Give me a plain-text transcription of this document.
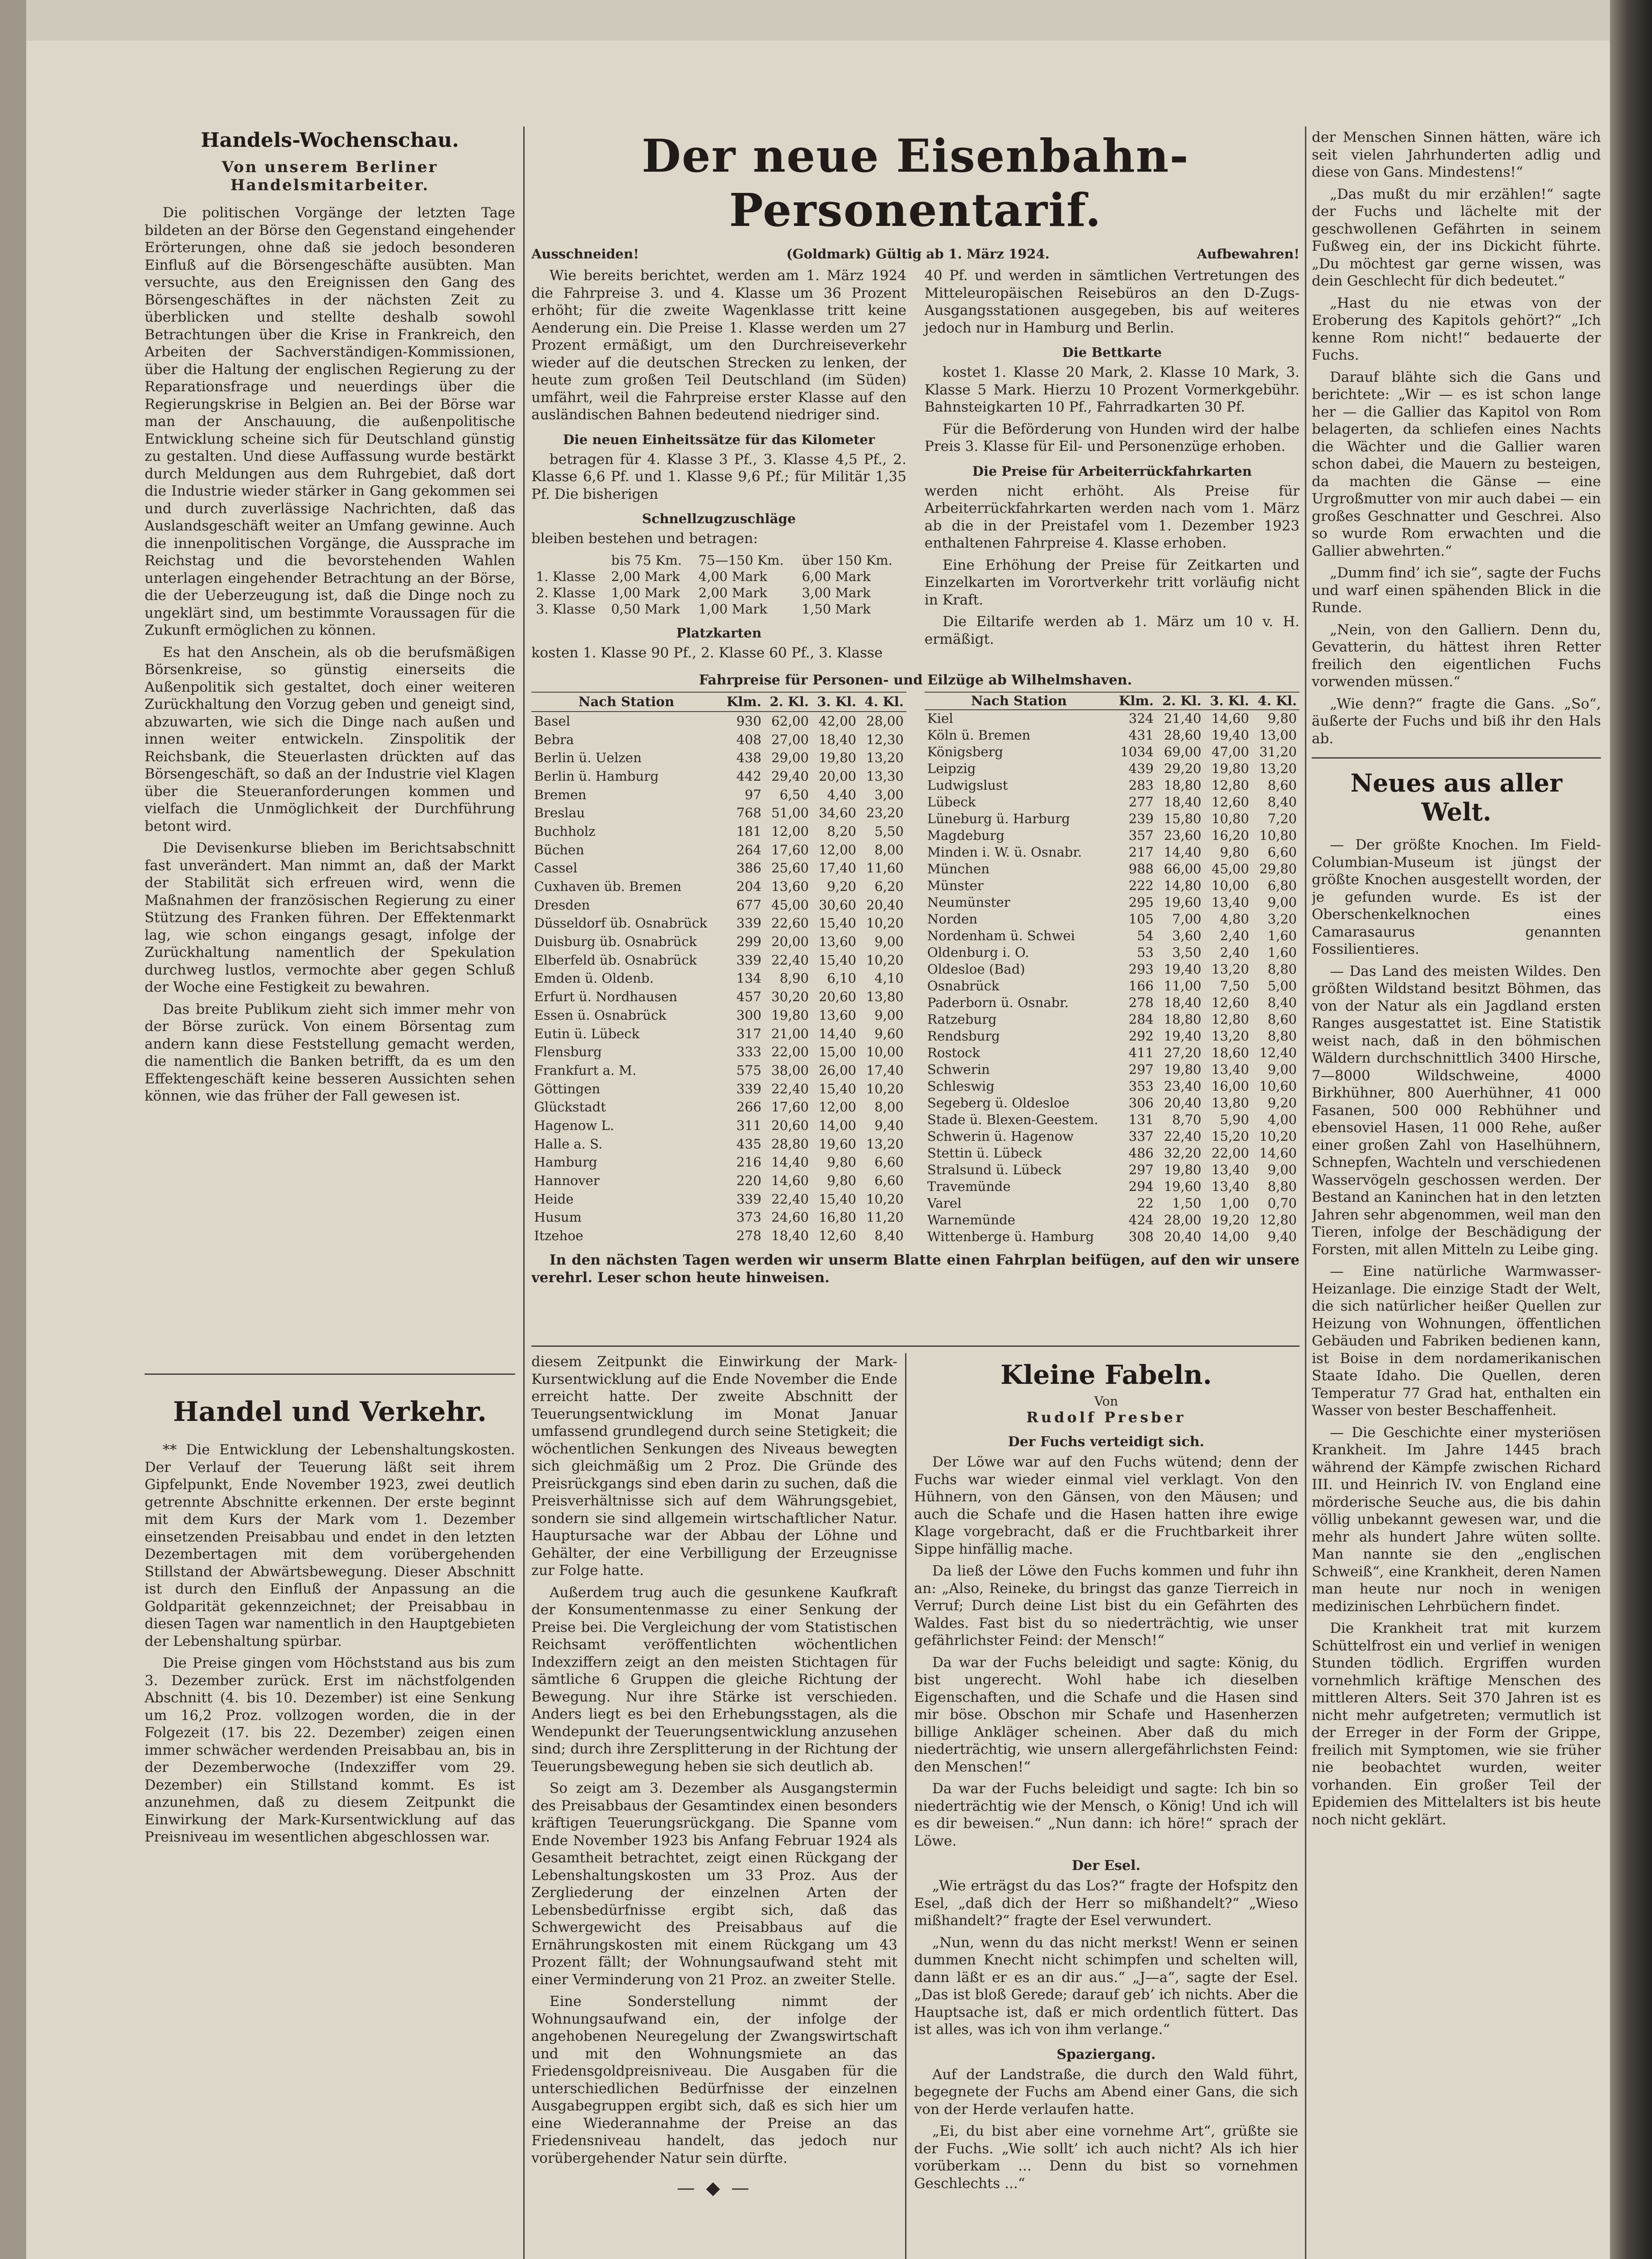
Handels-Wochenschau.
Von unserem Berliner Handelsmitarbeiter.

Die politischen Vorgänge der letzten Tage bildeten an der Börse den Gegenstand eingehender Erörterungen, ohne daß sie jedoch besonderen Einfluß auf die Börsengeschäfte ausübten. Man versuchte, aus den Ereignissen den Gang des Börsengeschäftes in der nächsten Zeit zu überblicken und stellte deshalb sowohl Betrachtungen über die Krise in Frankreich, den Arbeiten der Sachverständigen-Kommissionen, über die Haltung der englischen Regierung zu der Reparationsfrage und neuerdings über die Regierungskrise in Belgien an. Bei der Börse war man der Anschauung, die außenpolitische Entwicklung scheine sich für Deutschland günstig zu gestalten. Und diese Auffassung wurde bestärkt durch Meldungen aus dem Ruhrgebiet, daß dort die Industrie wieder stärker in Gang gekommen sei und durch zuverlässige Nachrichten, daß das Auslandsgeschäft weiter an Umfang gewinne. Auch die innenpolitischen Vorgänge, die Aussprache im Reichstag und die bevorstehenden Wahlen unterlagen eingehender Betrachtung an der Börse, die der Ueberzeugung ist, daß die Dinge noch zu ungeklärt sind, um bestimmte Voraussagen für die Zukunft ermöglichen zu können.

Es hat den Anschein, als ob die berufsmäßigen Börsenkreise, so günstig einerseits die Außenpolitik sich gestaltet, doch einer weiteren Zurückhaltung den Vorzug geben und geneigt sind, abzuwarten, wie sich die Dinge nach außen und innen weiter entwickeln. Zinspolitik der Reichsbank, die Steuerlasten drückten auf das Börsengeschäft, so daß an der Industrie viel Klagen über die Steueranforderungen kommen und vielfach die Unmöglichkeit der Durchführung betont wird.

Die Devisenkurse blieben im Berichtsabschnitt fast unverändert. Man nimmt an, daß der Markt der Stabilität sich erfreuen wird, wenn die Maßnahmen der französischen Regierung zu einer Stützung des Franken führen. Der Effektenmarkt lag, wie schon eingangs gesagt, infolge der Zurückhaltung namentlich der Spekulation durchweg lustlos, vermochte aber gegen Schluß der Woche eine Festigkeit zu bewahren.

Das breite Publikum zieht sich immer mehr von der Börse zurück. Von einem Börsentag zum andern kann diese Feststellung gemacht werden, die namentlich die Banken betrifft, da es um den Effektengeschäft keine besseren Aussichten sehen können, wie das früher der Fall gewesen ist.

Handel und Verkehr.

** Die Entwicklung der Lebenshaltungskosten. Der Verlauf der Teuerung läßt seit ihrem Gipfelpunkt, Ende November 1923, zwei deutlich getrennte Abschnitte erkennen. Der erste beginnt mit dem Kurs der Mark vom 1. Dezember einsetzenden Preisabbau und endet in den letzten Dezembertagen mit dem vorübergehenden Stillstand der Abwärtsbewegung. Dieser Abschnitt ist durch den Einfluß der Anpassung an die Goldparität gekennzeichnet; der Preisabbau in diesen Tagen war namentlich in den Hauptgebieten der Lebenshaltung spürbar.

Die Preise gingen vom Höchststand aus bis zum 3. Dezember zurück. Erst im nächstfolgenden Abschnitt (4. bis 10. Dezember) ist eine Senkung um 16,2 Proz. vollzogen worden, die in der Folgezeit (17. bis 22. Dezember) zeigen einen immer schwächer werdenden Preisabbau an, bis in der Dezemberwoche (Indexziffer vom 29. Dezember) ein Stillstand kommt. Es ist anzunehmen, daß zu diesem Zeitpunkt die Einwirkung der Mark-Kursentwicklung auf das Preisniveau im wesentlichen abgeschlossen war.

Der neue Eisenbahn-Personentarif.
Ausschneiden!	(Goldmark) Gültig ab 1. März 1924.	Aufbewahren!

Wie bereits berichtet, werden am 1. März 1924 die Fahrpreise 3. und 4. Klasse um 36 Prozent erhöht; für die zweite Wagenklasse tritt keine Aenderung ein. Die Preise 1. Klasse werden um 27 Prozent ermäßigt, um den Durchreiseverkehr wieder auf die deutschen Strecken zu lenken, der heute zum großen Teil Deutschland (im Süden) umfährt, weil die Fahrpreise erster Klasse auf den ausländischen Bahnen bedeutend niedriger sind.

Die neuen Einheitssätze für das Kilometer

betragen für 4. Klasse 3 Pf., 3. Klasse 4,5 Pf., 2. Klasse 6,6 Pf. und 1. Klasse 9,6 Pf.; für Militär 1,35 Pf. Die bisherigen

Schnellzugzuschläge

bleiben bestehen und betragen:

	bis 75 Km.	75—150 Km.	über 150 Km.
1. Klasse	2,00 Mark	4,00 Mark	6,00 Mark
2. Klasse	1,00 Mark	2,00 Mark	3,00 Mark
3. Klasse	0,50 Mark	1,00 Mark	1,50 Mark
Platzkarten

kosten 1. Klasse 90 Pf., 2. Klasse 60 Pf., 3. Klasse

40 Pf. und werden in sämtlichen Vertretungen des Mitteleuropäischen Reisebüros an den D-Zugs-Ausgangsstationen ausgegeben, bis auf weiteres jedoch nur in Hamburg und Berlin.

Die Bettkarte

kostet 1. Klasse 20 Mark, 2. Klasse 10 Mark, 3. Klasse 5 Mark. Hierzu 10 Prozent Vormerkgebühr. Bahnsteigkarten 10 Pf., Fahrradkarten 30 Pf.

Für die Beförderung von Hunden wird der halbe Preis 3. Klasse für Eil- und Personenzüge erhoben.

Die Preise für Arbeiterrückfahrkarten

werden nicht erhöht. Als Preise für Arbeiterrückfahrkarten werden nach vom 1. März ab die in der Preistafel vom 1. Dezember 1923 enthaltenen Fahrpreise 4. Klasse erhoben.

Eine Erhöhung der Preise für Zeitkarten und Einzelkarten im Vorortverkehr tritt vorläufig nicht in Kraft.

Die Eiltarife werden ab 1. März um 10 v. H. ermäßigt.

Fahrpreise für Personen- und Eilzüge ab Wilhelmshaven.
Nach Station	Klm.	2. Kl.	3. Kl.	4. Kl.
Basel	930	62,00	42,00	28,00
Bebra	408	27,00	18,40	12,30
Berlin ü. Uelzen	438	29,00	19,80	13,20
Berlin ü. Hamburg	442	29,40	20,00	13,30
Bremen	97	6,50	4,40	3,00
Breslau	768	51,00	34,60	23,20
Buchholz	181	12,00	8,20	5,50
Büchen	264	17,60	12,00	8,00
Cassel	386	25,60	17,40	11,60
Cuxhaven üb. Bremen	204	13,60	9,20	6,20
Dresden	677	45,00	30,60	20,40
Düsseldorf üb. Osnabrück	339	22,60	15,40	10,20
Duisburg üb. Osnabrück	299	20,00	13,60	9,00
Elberfeld üb. Osnabrück	339	22,40	15,40	10,20
Emden ü. Oldenb.	134	8,90	6,10	4,10
Erfurt ü. Nordhausen	457	30,20	20,60	13,80
Essen ü. Osnabrück	300	19,80	13,60	9,00
Eutin ü. Lübeck	317	21,00	14,40	9,60
Flensburg	333	22,00	15,00	10,00
Frankfurt a. M.	575	38,00	26,00	17,40
Göttingen	339	22,40	15,40	10,20
Glückstadt	266	17,60	12,00	8,00
Hagenow L.	311	20,60	14,00	9,40
Halle a. S.	435	28,80	19,60	13,20
Hamburg	216	14,40	9,80	6,60
Hannover	220	14,60	9,80	6,60
Heide	339	22,40	15,40	10,20
Husum	373	24,60	16,80	11,20
Itzehoe	278	18,40	12,60	8,40
Nach Station	Klm.	2. Kl.	3. Kl.	4. Kl.
Kiel	324	21,40	14,60	9,80
Köln ü. Bremen	431	28,60	19,40	13,00
Königsberg	1034	69,00	47,00	31,20
Leipzig	439	29,20	19,80	13,20
Ludwigslust	283	18,80	12,80	8,60
Lübeck	277	18,40	12,60	8,40
Lüneburg ü. Harburg	239	15,80	10,80	7,20
Magdeburg	357	23,60	16,20	10,80
Minden i. W. ü. Osnabr.	217	14,40	9,80	6,60
München	988	66,00	45,00	29,80
Münster	222	14,80	10,00	6,80
Neumünster	295	19,60	13,40	9,00
Norden	105	7,00	4,80	3,20
Nordenham ü. Schwei	54	3,60	2,40	1,60
Oldenburg i. O.	53	3,50	2,40	1,60
Oldesloe (Bad)	293	19,40	13,20	8,80
Osnabrück	166	11,00	7,50	5,00
Paderborn ü. Osnabr.	278	18,40	12,60	8,40
Ratzeburg	284	18,80	12,80	8,60
Rendsburg	292	19,40	13,20	8,80
Rostock	411	27,20	18,60	12,40
Schwerin	297	19,80	13,40	9,00
Schleswig	353	23,40	16,00	10,60
Segeberg ü. Oldesloe	306	20,40	13,80	9,20
Stade ü. Blexen-Geestem.	131	8,70	5,90	4,00
Schwerin ü. Hagenow	337	22,40	15,20	10,20
Stettin ü. Lübeck	486	32,20	22,00	14,60
Stralsund ü. Lübeck	297	19,80	13,40	9,00
Travemünde	294	19,60	13,40	8,80
Varel	22	1,50	1,00	0,70
Warnemünde	424	28,00	19,20	12,80
Wittenberge ü. Hamburg	308	20,40	14,00	9,40

In den nächsten Tagen werden wir unserm Blatte einen Fahrplan beifügen, auf den wir unsere verehrl. Leser schon heute hinweisen.

diesem Zeitpunkt die Einwirkung der Mark-Kursentwicklung auf die Ende November die Ende erreicht hatte. Der zweite Abschnitt der Teuerungsentwicklung im Monat Januar umfassend grundlegend durch seine Stetigkeit; die wöchentlichen Senkungen des Niveaus bewegten sich gleichmäßig um 2 Proz. Die Gründe des Preisrückgangs sind eben darin zu suchen, daß die Preisverhältnisse sich auf dem Währungsgebiet, sondern sie sind allgemein wirtschaftlicher Natur. Hauptursache war der Abbau der Löhne und Gehälter, der eine Verbilligung der Erzeugnisse zur Folge hatte.

Außerdem trug auch die gesunkene Kaufkraft der Konsumentenmasse zu einer Senkung der Preise bei. Die Vergleichung der vom Statistischen Reichsamt veröffentlichten wöchentlichen Indexziffern zeigt an den meisten Stichtagen für sämtliche 6 Gruppen die gleiche Richtung der Bewegung. Nur ihre Stärke ist verschieden. Anders liegt es bei den Erhebungsstagen, als die Wendepunkt der Teuerungsentwicklung anzusehen sind; durch ihre Zersplitterung in der Richtung der Teuerungsbewegung heben sie sich deutlich ab.

So zeigt am 3. Dezember als Ausgangstermin des Preisabbaus der Gesamtindex einen besonders kräftigen Teuerungsrückgang. Die Spanne vom Ende November 1923 bis Anfang Februar 1924 als Gesamtheit betrachtet, zeigt einen Rückgang der Lebenshaltungskosten um 33 Proz. Aus der Zergliederung der einzelnen Arten der Lebensbedürfnisse ergibt sich, daß das Schwergewicht des Preisabbaus auf die Ernährungskosten mit einem Rückgang um 43 Prozent fällt; der Wohnungsaufwand steht mit einer Verminderung von 21 Proz. an zweiter Stelle.

Eine Sonderstellung nimmt der Wohnungsaufwand ein, der infolge der angehobenen Neuregelung der Zwangswirtschaft und mit den Wohnungsmiete an das Friedensgoldpreisniveau. Die Ausgaben für die unterschiedlichen Bedürfnisse der einzelnen Ausgabegruppen ergibt sich, daß es sich hier um eine Wiederannahme der Preise an das Friedensniveau handelt, das jedoch nur vorübergehender Natur sein dürfte.

— ◆ —
Kleine Fabeln.
Von
Rudolf Presber
Der Fuchs verteidigt sich.

Der Löwe war auf den Fuchs wütend; denn der Fuchs war wieder einmal viel verklagt. Von den Hühnern, von den Gänsen, von den Mäusen; und auch die Schafe und die Hasen hatten ihre ewige Klage vorgebracht, daß er die Fruchtbarkeit ihrer Sippe hinfällig mache.

Da ließ der Löwe den Fuchs kommen und fuhr ihn an: „Also, Reineke, du bringst das ganze Tierreich in Verruf; Durch deine List bist du ein Gefährten des Waldes. Fast bist du so niederträchtig, wie unser gefährlichster Feind: der Mensch!“

Da war der Fuchs beleidigt und sagte: König, du bist ungerecht. Wohl habe ich dieselben Eigenschaften, und die Schafe und die Hasen sind mir böse. Obschon mir Schafe und Hasenherzen billige Ankläger scheinen. Aber daß du mich niederträchtig, wie unsern allergefährlichsten Feind: den Menschen!“

Da war der Fuchs beleidigt und sagte: Ich bin so niederträchtig wie der Mensch, o König! Und ich will es dir beweisen.“ „Nun dann: ich höre!“ sprach der Löwe.

Der Esel.

„Wie erträgst du das Los?“ fragte der Hofspitz den Esel, „daß dich der Herr so mißhandelt?“ „Wieso mißhandelt?“ fragte der Esel verwundert.

„Nun, wenn du das nicht merkst! Wenn er seinen dummen Knecht nicht schimpfen und schelten will, dann läßt er es an dir aus.“ „J—a“, sagte der Esel. „Das ist bloß Gerede; darauf geb’ ich nichts. Aber die Hauptsache ist, daß er mich ordentlich füttert. Das ist alles, was ich von ihm verlange.“

Spaziergang.

Auf der Landstraße, die durch den Wald führt, begegnete der Fuchs am Abend einer Gans, die sich von der Herde verlaufen hatte.

„Ei, du bist aber eine vornehme Art“, grüßte sie der Fuchs. „Wie sollt’ ich auch nicht? Als ich hier vorüberkam ... Denn du bist so vornehmen Geschlechts ...“

der Menschen Sinnen hätten, wäre ich seit vielen Jahrhunderten adlig und diese von Gans. Mindestens!“

„Das mußt du mir erzählen!“ sagte der Fuchs und lächelte mit der geschwollenen Gefährten in seinem Fußweg ein, der ins Dickicht führte. „Du möchtest gar gerne wissen, was dein Geschlecht für dich bedeutet.“

„Hast du nie etwas von der Eroberung des Kapitols gehört?“ „Ich kenne Rom nicht!“ bedauerte der Fuchs.

Darauf blähte sich die Gans und berichtete: „Wir — es ist schon lange her — die Gallier das Kapitol von Rom belagerten, da schliefen eines Nachts die Wächter und die Gallier waren schon dabei, die Mauern zu besteigen, da machten die Gänse — eine Urgroßmutter von mir auch dabei — ein großes Geschnatter und Geschrei. Also so wurde Rom erwachten und die Gallier abwehrten.“

„Dumm find’ ich sie“, sagte der Fuchs und warf einen spähenden Blick in die Runde.

„Nein, von den Galliern. Denn du, Gevatterin, du hättest ihren Retter freilich den eigentlichen Fuchs vorwenden müssen.“

„Wie denn?“ fragte die Gans. „So“, äußerte der Fuchs und biß ihr den Hals ab.

Neues aus aller Welt.

— Der größte Knochen. Im Field-Columbian-Museum ist jüngst der größte Knochen ausgestellt worden, der je gefunden wurde. Es ist der Oberschenkelknochen eines Camarasaurus genannten Fossilientieres.

— Das Land des meisten Wildes. Den größten Wildstand besitzt Böhmen, das von der Natur als ein Jagdland ersten Ranges ausgestattet ist. Eine Statistik weist nach, daß in den böhmischen Wäldern durchschnittlich 3400 Hirsche, 7—8000 Wildschweine, 4000 Birkhühner, 800 Auerhühner, 41 000 Fasanen, 500 000 Rebhühner und ebensoviel Hasen, 11 000 Rehe, außer einer großen Zahl von Haselhühnern, Schnepfen, Wachteln und verschiedenen Wasservögeln geschossen werden. Der Bestand an Kaninchen hat in den letzten Jahren sehr abgenommen, weil man den Tieren, infolge der Beschädigung der Forsten, mit allen Mitteln zu Leibe ging.

— Eine natürliche Warmwasser-Heizanlage. Die einzige Stadt der Welt, die sich natürlicher heißer Quellen zur Heizung von Wohnungen, öffentlichen Gebäuden und Fabriken bedienen kann, ist Boise in dem nordamerikanischen Staate Idaho. Die Quellen, deren Temperatur 77 Grad hat, enthalten ein Wasser von bester Beschaffenheit.

— Die Geschichte einer mysteriösen Krankheit. Im Jahre 1445 brach während der Kämpfe zwischen Richard III. und Heinrich IV. von England eine mörderische Seuche aus, die bis dahin völlig unbekannt gewesen war, und die mehr als hundert Jahre wüten sollte. Man nannte sie den „englischen Schweiß“, eine Krankheit, deren Namen man heute nur noch in wenigen medizinischen Lehrbüchern findet.

Die Krankheit trat mit kurzem Schüttelfrost ein und verlief in wenigen Stunden tödlich. Ergriffen wurden vornehmlich kräftige Menschen des mittleren Alters. Seit 370 Jahren ist es nicht mehr aufgetreten; vermutlich ist der Erreger in der Form der Grippe, freilich mit Symptomen, wie sie früher nie beobachtet wurden, weiter vorhanden. Ein großer Teil der Epidemien des Mittelalters ist bis heute noch nicht geklärt.
